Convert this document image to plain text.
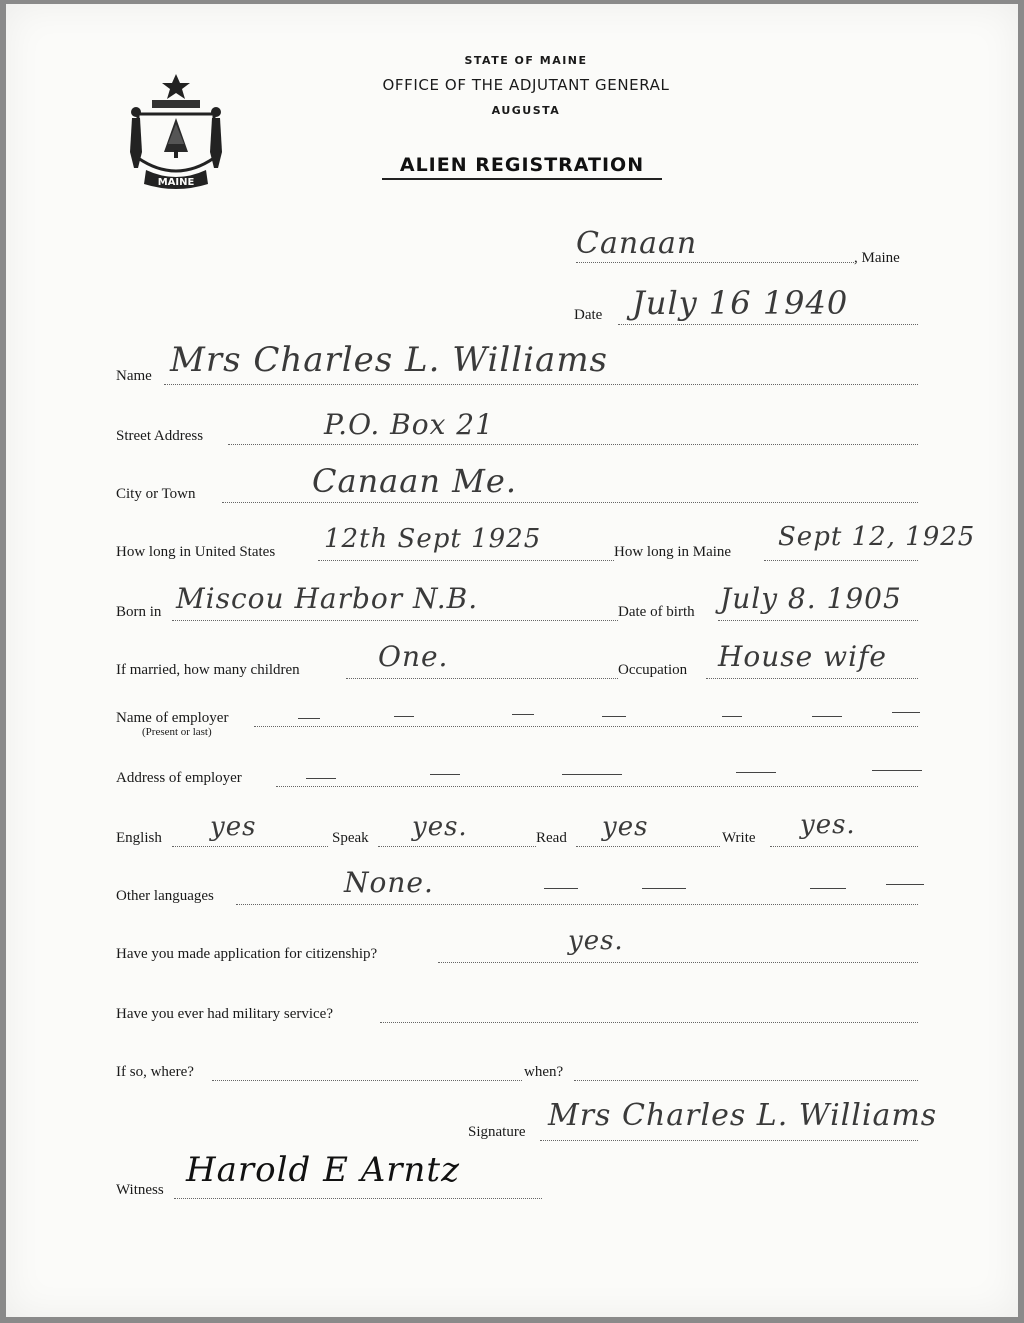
MAINE
STATE OF MAINE
OFFICE OF THE ADJUTANT GENERAL
AUGUSTA
ALIEN REGISTRATION
Canaan	, Maine
Date July 16 1940
Name Mrs Charles L. Williams
Street Address	P.O. Box 21
City or Town	Canaan Me.
How long in United States 12th Sept 1925	How long in Maine Sept 12, 1925
Born in Miscou Harbor N.B.	Date of birth July 8. 1905
If married, how many children	One.	Occupation House wife
Name of employer
(Present or last)
Address of employer
English yes	Speak yes.	Read yes	Write yes.
Other languages	None.
Have you made application for citizenship?	yes.
Have you ever had military service?
If so, where?	when?
Signature Mrs Charles L. Williams
Witness Harold E Arntz
